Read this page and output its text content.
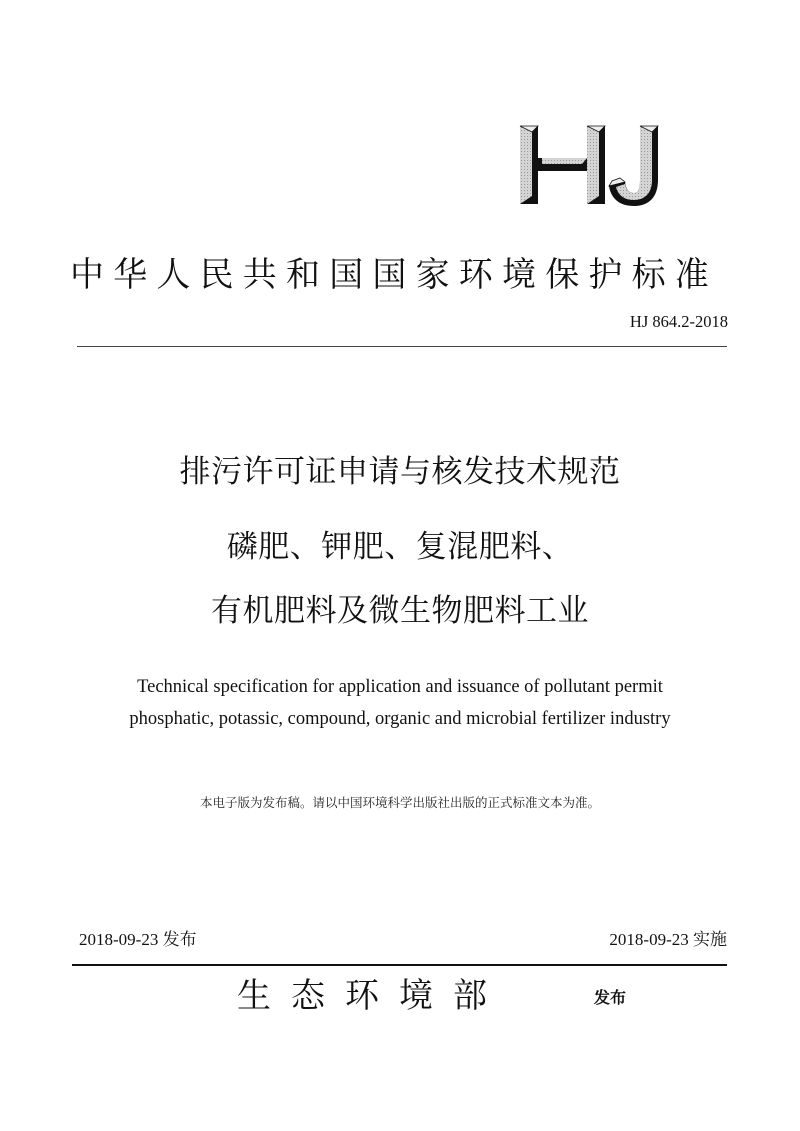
中华人民共和国国家环境保护标准
HJ 864.2-2018
排污许可证申请与核发技术规范
磷肥、钾肥、复混肥料、
有机肥料及微生物肥料工业
Technical specification for application and issuance of pollutant permit
phosphatic, potassic, compound, organic and microbial fertilizer industry
本电子版为发布稿。请以中国环境科学出版社出版的正式标准文本为准。
2018-09-23 发布	2018-09-23 实施
生态环境部	发布
